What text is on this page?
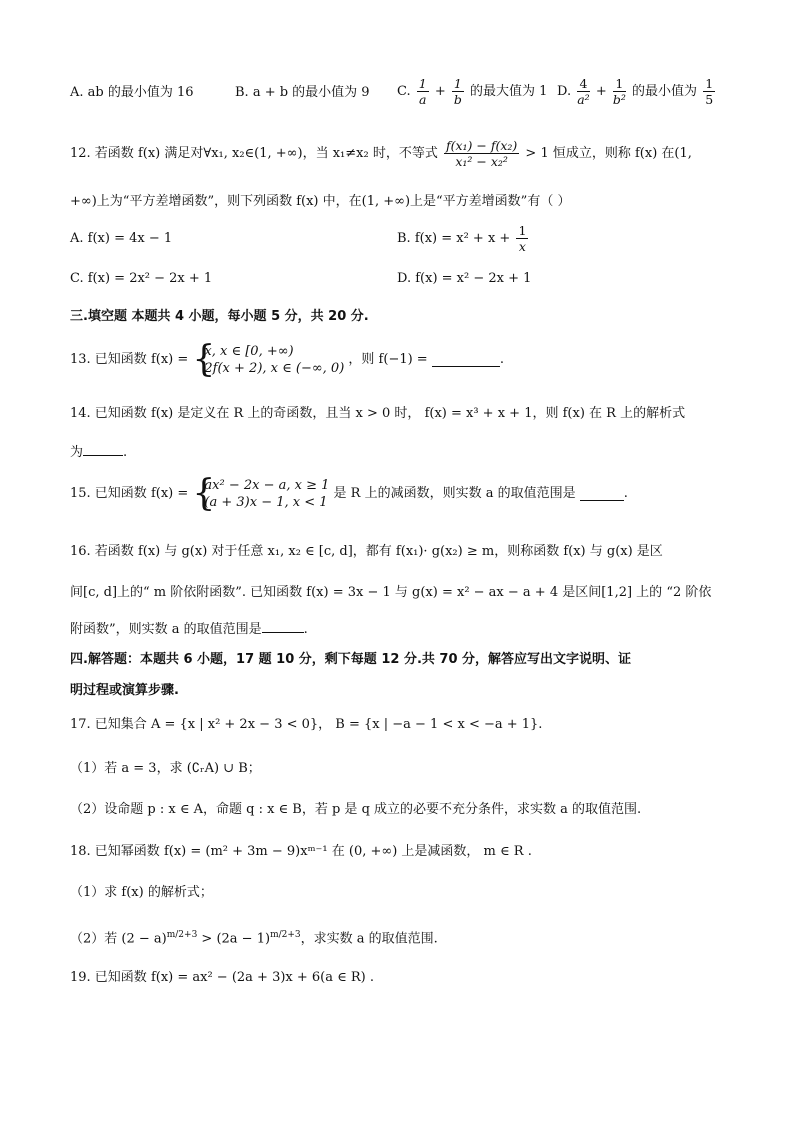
A. ab 的最小值为 16	B. a + b 的最小值为 9 C. $\frac{1}{a} + \frac{1}{b}$ 的最大值为 1 D. $\frac{4}{\text{a²}} + \frac{1}{\text{b²}}$ 的最小值为 $\frac{1}{5}$
12. 若函数 f(x) 满足对∀x₁, x₂∈(1, +∞)，当 x₁≠x₂ 时，不等式 $\frac{\text{f(x₁) − f(x₂)}}{\text{x₁² − x₂²}} > 1$ 恒成立，则称 f(x) 在(1,
+∞)上为“平方差增函数”，则下列函数 f(x) 中，在(1, +∞)上是“平方差增函数”有（ ）
A. f(x) = 4x − 1	B. $f(x) = x^2 + x + \frac{1}{x}$
C. f(x) = 2x² − 2x + 1	D. f(x) = x² − 2x + 1
三.填空题 本题共 4 小题，每小题 5 分，共 20 分.
13. 已知函数 f(x) = {
x, x ∈ [0, +∞)
2f(x + 2), x ∈ (−∞, 0)
，则 f(−1) =	.
14. 已知函数 f(x) 是定义在 R 上的奇函数，且当 x > 0 时， f(x) = x³ + x + 1，则 f(x) 在 R 上的解析式
为	.
15. 已知函数 f(x) = {
ax² − 2x − a, x ≥ 1
(a + 3)x − 1, x < 1
是 R 上的减函数，则实数 a 的取值范围是	.
16. 若函数 f(x) 与 g(x) 对于任意 x₁, x₂ ∈ [c, d]，都有 f(x₁)· g(x₂) ≥ m，则称函数 f(x) 与 g(x) 是区
间[c, d]上的“ m 阶依附函数”. 已知函数 f(x) = 3x − 1 与 g(x) = x² − ax − a + 4 是区间[1,2] 上的 “2 阶依
附函数”，则实数 a 的取值范围是	.
四.解答题：本题共 6 小题，17 题 10 分，剩下每题 12 分.共 70 分，解答应写出文字说明、证
明过程或演算步骤.
17. 已知集合 A = {x | x² + 2x − 3 < 0}， B = {x | −a − 1 < x < −a + 1}.
（1）若 a = 3，求 (∁ᵣA) ∪ B；
（2）设命题 p : x ∈ A，命题 q : x ∈ B，若 p 是 q 成立的必要不充分条件，求实数 a 的取值范围.
18. 已知幂函数 f(x) = (m² + 3m − 9)xᵐ⁻¹ 在 (0, +∞) 上是减函数， m ∈ R .
（1）求 f(x) 的解析式；
（2）若 $(2 - a)^{m/2+3} > (2a - 1)^{m/2+3}$，求实数 a 的取值范围.
19. 已知函数 f(x) = ax² − (2a + 3)x + 6(a ∈ R) .
